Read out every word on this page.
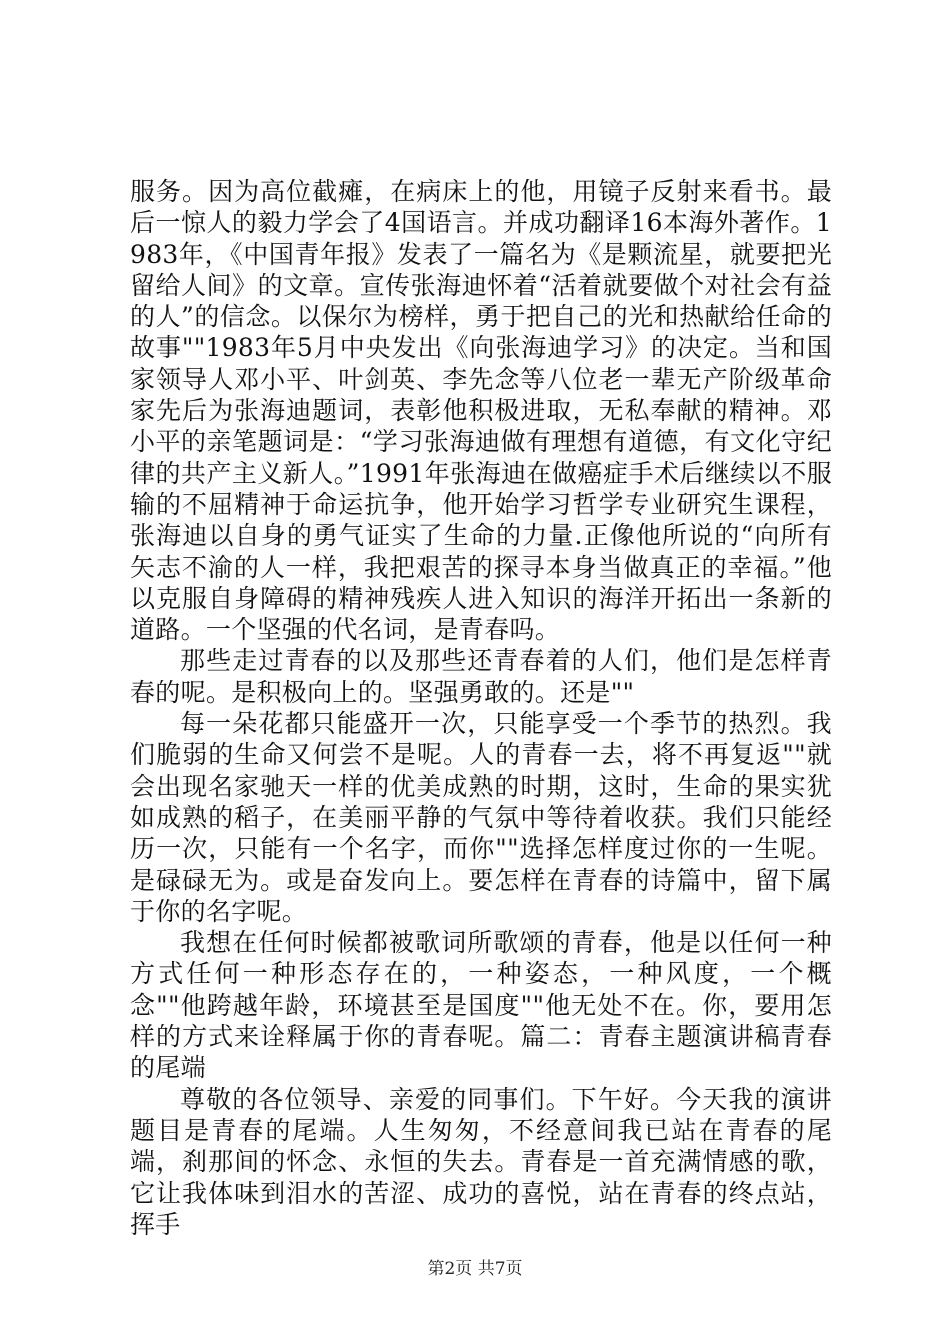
服务。因为高位截瘫，在病床上的他，用镜子反射来看书。最后一惊人的毅力学会了4国语言。并成功翻译16本海外著作。1983年，《中国青年报》发表了一篇名为《是颗流星，就要把光留给人间》的文章。宣传张海迪怀着“活着就要做个对社会有益的人”的信念。以保尔为榜样，勇于把自己的光和热献给任命的故事""1983年5月中央发出《向张海迪学习》的决定。当和国家领导人邓小平、叶剑英、李先念等八位老一辈无产阶级革命家先后为张海迪题词，表彰他积极进取，无私奉献的精神。邓小平的亲笔题词是：“学习张海迪做有理想有道德，有文化守纪律的共产主义新人。”1991年张海迪在做癌症手术后继续以不服输的不屈精神于命运抗争，他开始学习哲学专业研究生课程，张海迪以自身的勇气证实了生命的力量.正像他所说的“向所有矢志不渝的人一样，我把艰苦的探寻本身当做真正的幸福。”他以克服自身障碍的精神残疾人进入知识的海洋开拓出一条新的道路。一个坚强的代名词，是青春吗。

那些走过青春的以及那些还青春着的人们，他们是怎样青春的呢。是积极向上的。坚强勇敢的。还是""

每一朵花都只能盛开一次，只能享受一个季节的热烈。我们脆弱的生命又何尝不是呢。人的青春一去，将不再复返""就会出现名家驰天一样的优美成熟的时期，这时，生命的果实犹如成熟的稻子，在美丽平静的气氛中等待着收获。我们只能经历一次，只能有一个名字，而你""选择怎样度过你的一生呢。是碌碌无为。或是奋发向上。要怎样在青春的诗篇中，留下属于你的名字呢。

我想在任何时候都被歌词所歌颂的青春，他是以任何一种方式任何一种形态存在的，一种姿态，一种风度，一个概念""他跨越年龄，环境甚至是国度""他无处不在。你，要用怎样的方式来诠释属于你的青春呢。篇二：青春主题演讲稿青春的尾端

尊敬的各位领导、亲爱的同事们。下午好。今天我的演讲题目是青春的尾端。人生匆匆，不经意间我已站在青春的尾端，刹那间的怀念、永恒的失去。青春是一首充满情感的歌，它让我体味到泪水的苦涩、成功的喜悦，站在青春的终点站，挥手

第2页 共7页
